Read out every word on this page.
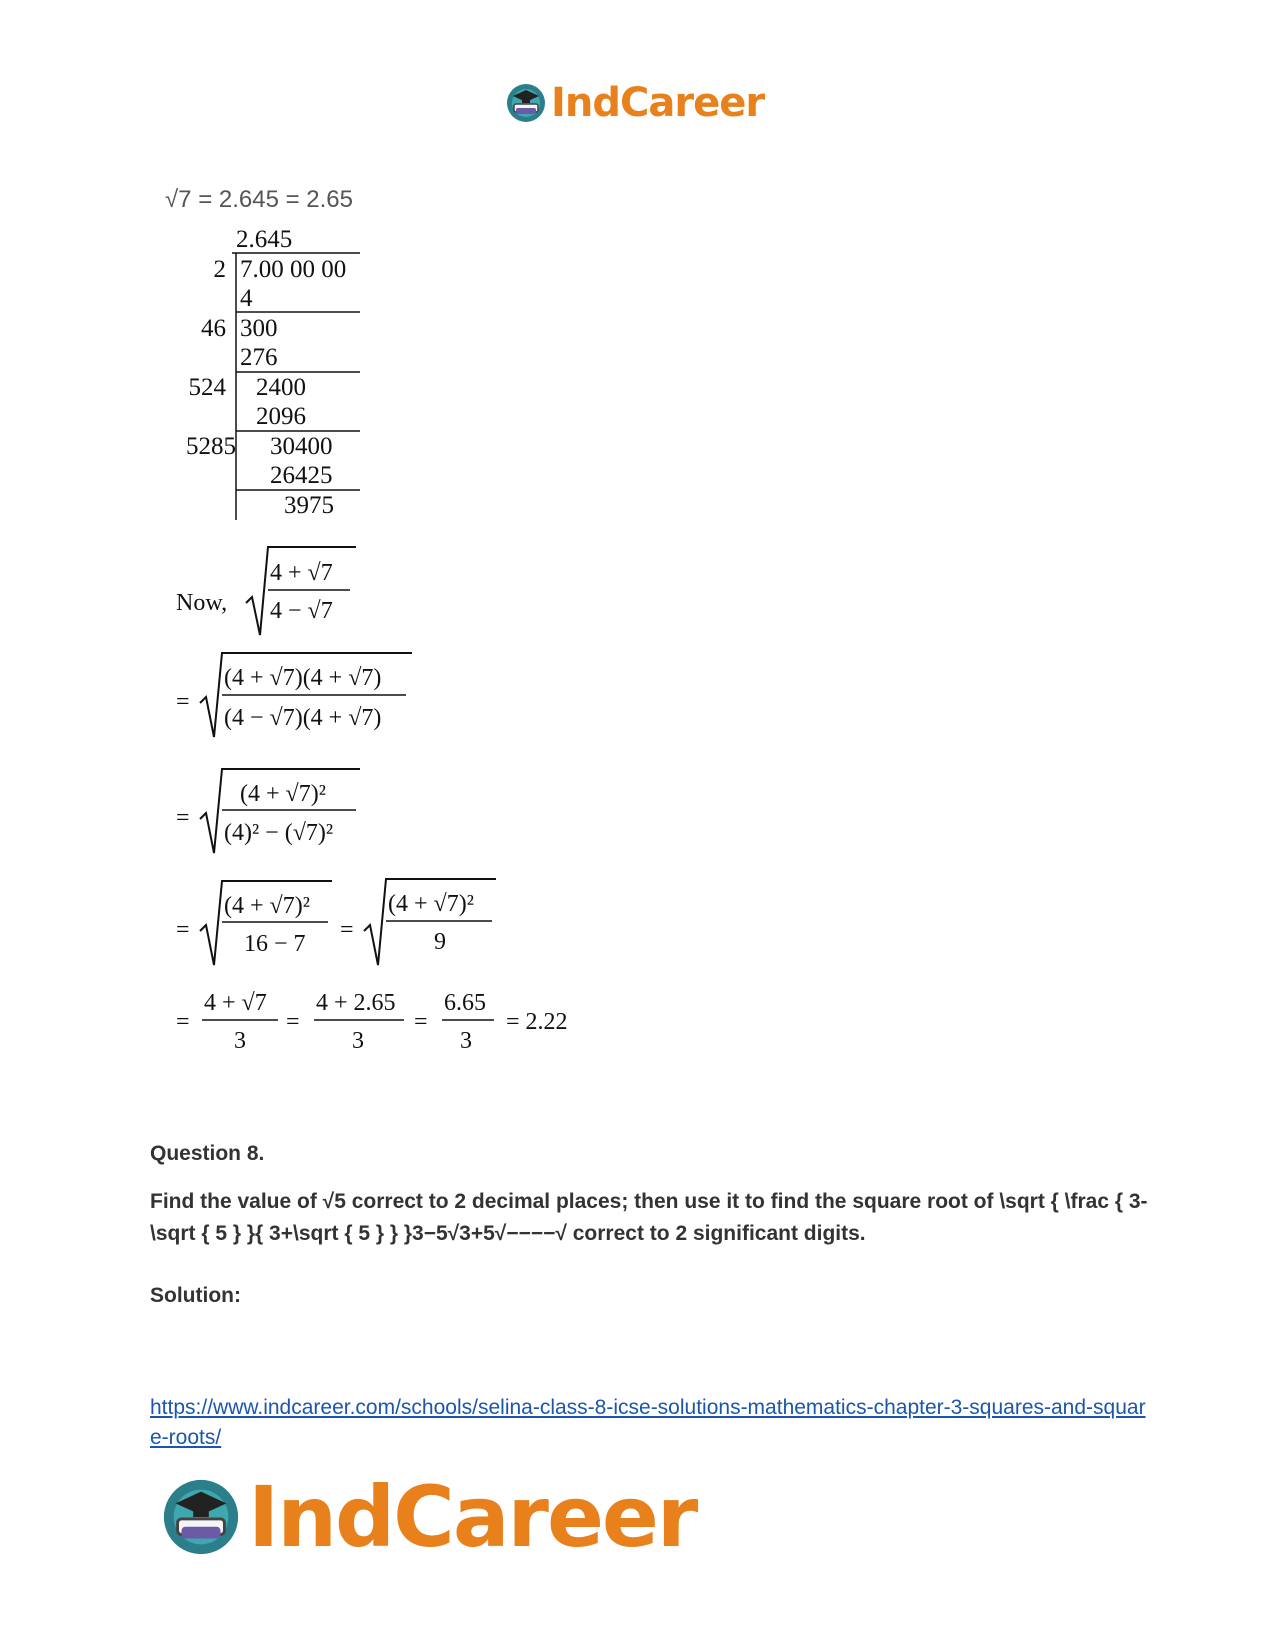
IndCareer
√7 = 2.645 = 2.65
2.645
2 7.00 00 00
4
46 300
276
524 2400
2096
5285 30400
26425
3975
Now,
4 + √7
4 − √7
=
(4 + √7)(4 + √7)
(4 − √7)(4 + √7)
=
(4 + √7)²
(4)² − (√7)²
=
(4 + √7)²
16 − 7
=
(4 + √7)²
9
=
4 + √7
3
=
4 + 2.65
3
=
6.65
3
= 2.22
Question 8.
Find the value of √5 correct to 2 decimal places; then use it to find the square root of \sqrt { \frac { 3-\sqrt { 5 } }{ 3+\sqrt { 5 } } }3−5√3+5√−−−−√ correct to 2 significant digits.
Solution:
https://www.indcareer.com/schools/selina-class-8-icse-solutions-mathematics-chapter-3-squares-and-square-roots/
IndCareer
